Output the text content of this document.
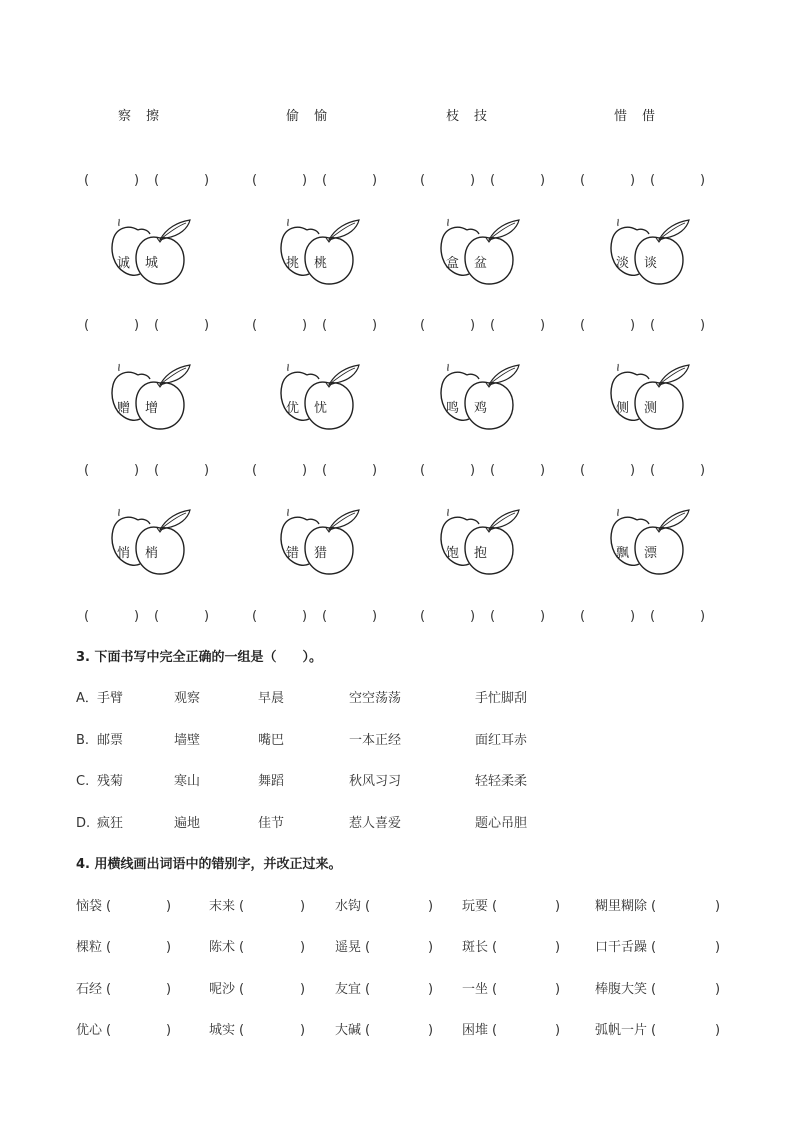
察 擦	偷 愉	枝 技	惜 借
(	) (	)	(	) (	)	(	) (	)	(	) (	)
(	) (	)	(	) (	)	(	) (	)	(	) (	)
(	) (	)	(	) (	)	(	) (	)	(	) (	)
(	) (	)	(	) (	)	(	) (	)	(	) (	)
诚 城	挑 桃	盒 盆	淡 谈
赠 增	优 忧	鸣 鸡	侧 测
悄 梢	错 猎	饱 抱	飘 漂
3. 下面书写中完全正确的一组是（　　）。
A． 手臂	观察	早晨	空空荡荡	手忙脚刮
B. 邮票	墙壁	嘴巴	一本正经	面红耳赤
C. 残菊	寒山	舞蹈	秋风习习	轻轻柔柔
D. 疯狂	遍地	佳节	惹人喜爱	题心吊胆
4. 用横线画出词语中的错别字，并改正过来。
恼袋 (	)	末来 (	) 水钩 (	) 玩要 (	)	糊里糊除 (	)
棵粒 (	)	陈术 (	) 遥晃 (	) 斑长 (	)	口干舌躁 (	)
石经 (	)	呢沙 (	) 友宜 (	) 一坐 (	)	棒腹大笑 (	)
优心 (	)	城实 (	) 大碱 (	) 困堆 (	)	弧帆一片 (	)
